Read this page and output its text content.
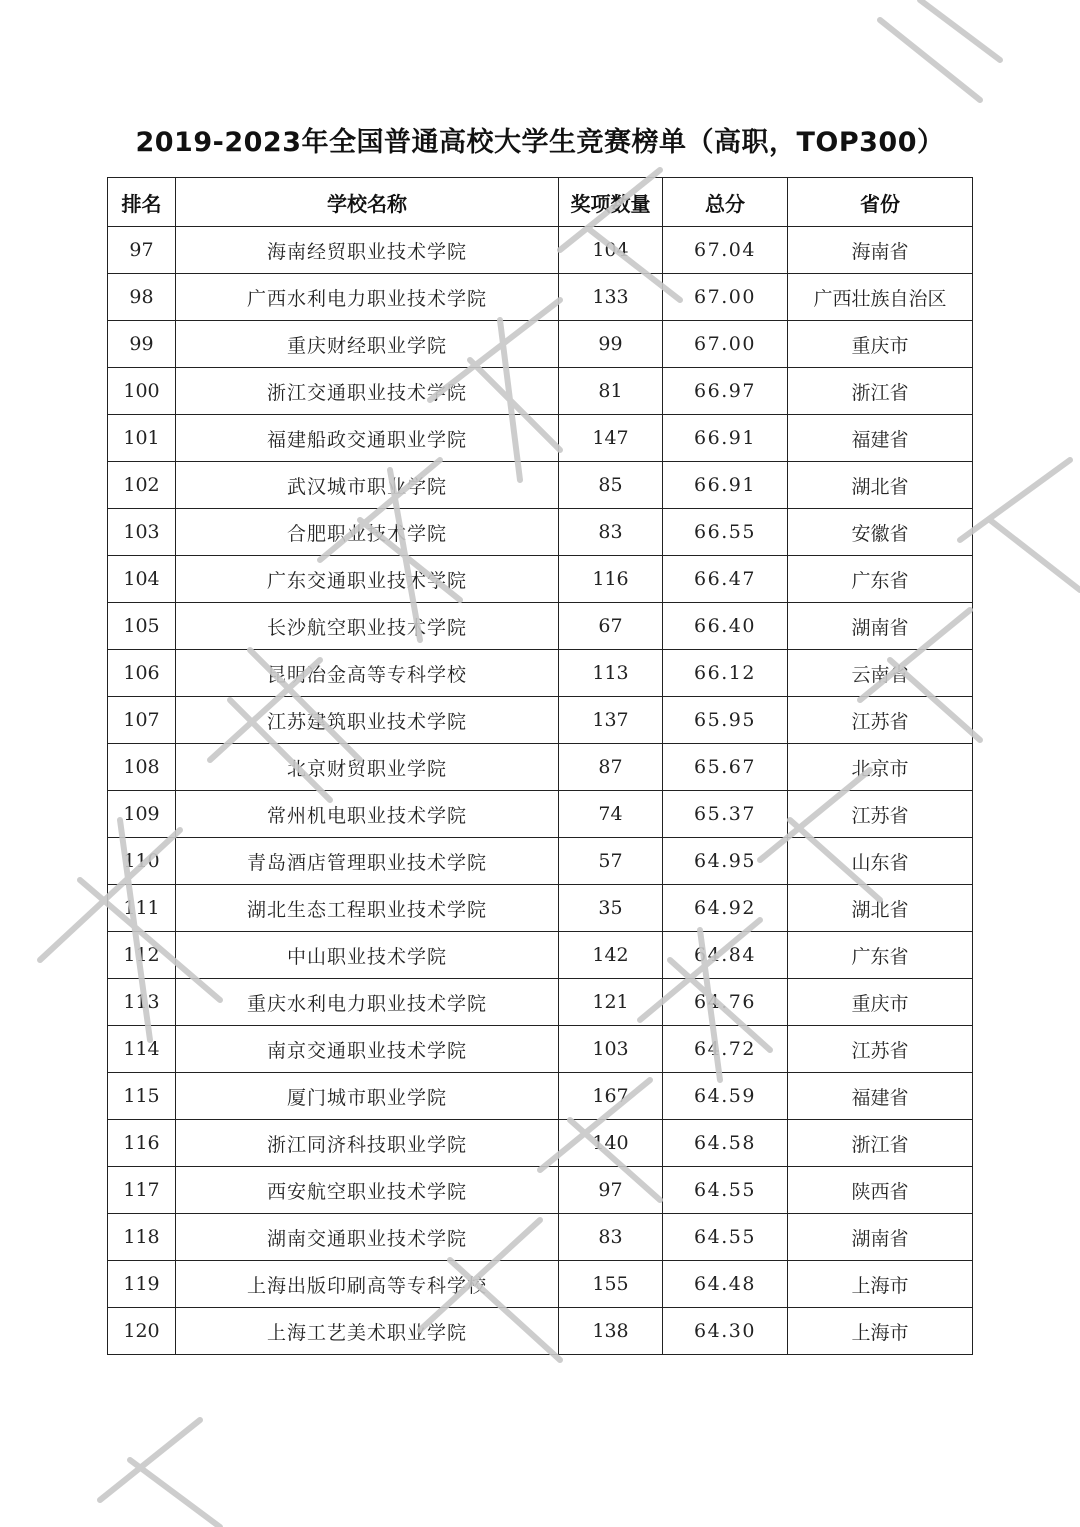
2019-2023年全国普通高校大学生竞赛榜单（高职，TOP300）
排名	学校名称	奖项数量	总分	省份
97	海南经贸职业技术学院	104	67.04	海南省
98	广西水利电力职业技术学院	133	67.00	广西壮族自治区
99	重庆财经职业学院	99	67.00	重庆市
100	浙江交通职业技术学院	81	66.97	浙江省
101	福建船政交通职业学院	147	66.91	福建省
102	武汉城市职业学院	85	66.91	湖北省
103	合肥职业技术学院	83	66.55	安徽省
104	广东交通职业技术学院	116	66.47	广东省
105	长沙航空职业技术学院	67	66.40	湖南省
106	昆明冶金高等专科学校	113	66.12	云南省
107	江苏建筑职业技术学院	137	65.95	江苏省
108	北京财贸职业学院	87	65.67	北京市
109	常州机电职业技术学院	74	65.37	江苏省
110	青岛酒店管理职业技术学院	57	64.95	山东省
111	湖北生态工程职业技术学院	35	64.92	湖北省
112	中山职业技术学院	142	64.84	广东省
113	重庆水利电力职业技术学院	121	64.76	重庆市
114	南京交通职业技术学院	103	64.72	江苏省
115	厦门城市职业学院	167	64.59	福建省
116	浙江同济科技职业学院	140	64.58	浙江省
117	西安航空职业技术学院	97	64.55	陕西省
118	湖南交通职业技术学院	83	64.55	湖南省
119	上海出版印刷高等专科学校	155	64.48	上海市
120	上海工艺美术职业学院	138	64.30	上海市
